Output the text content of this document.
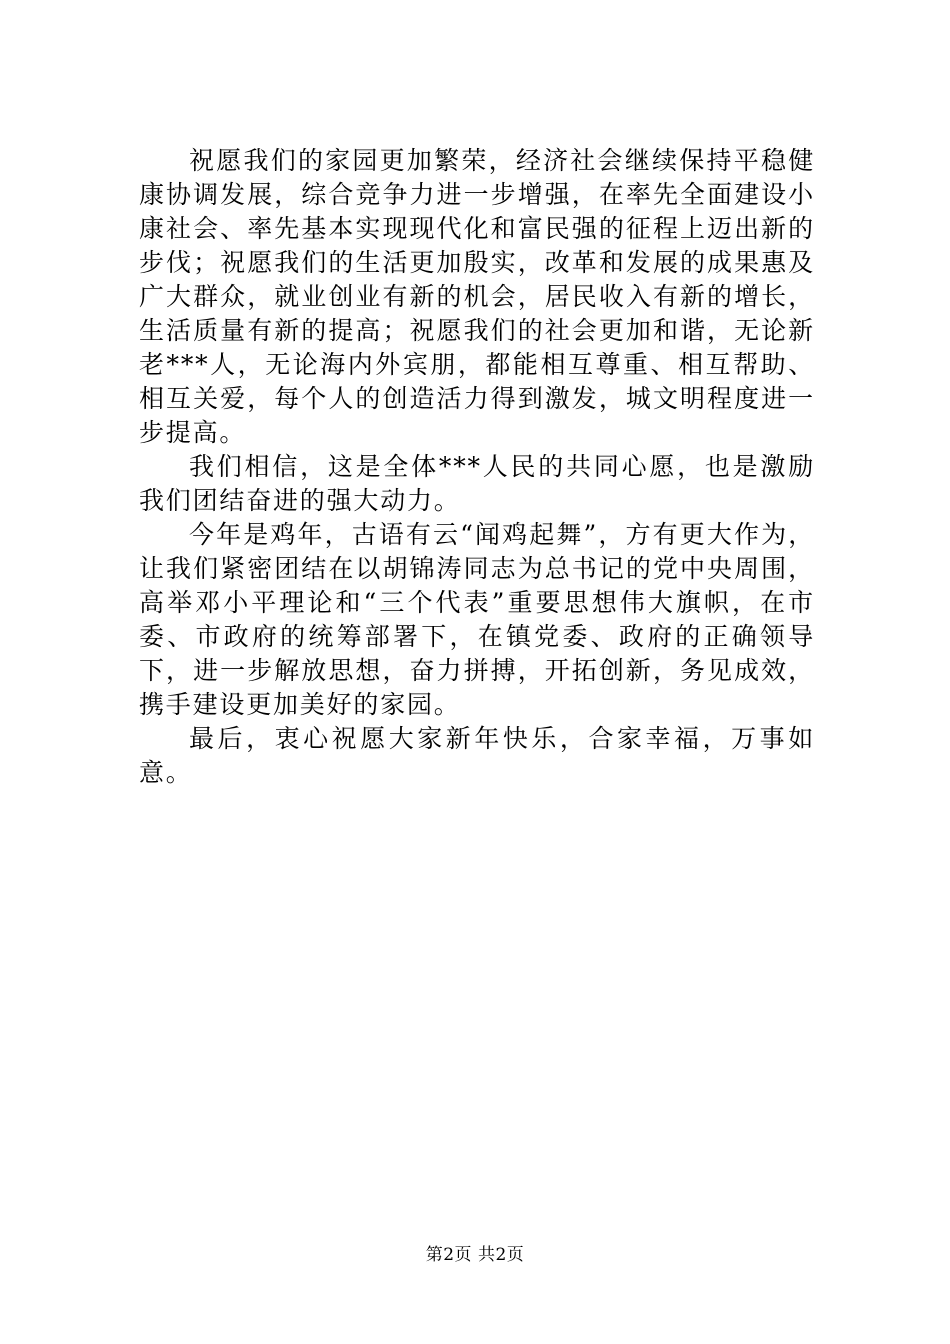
祝愿我们的家园更加繁荣，经济社会继续保持平稳健康协调发展，综合竞争力进一步增强，在率先全面建设小康社会、率先基本实现现代化和富民强的征程上迈出新的步伐；祝愿我们的生活更加殷实，改革和发展的成果惠及广大群众，就业创业有新的机会，居民收入有新的增长，生活质量有新的提高；祝愿我们的社会更加和谐，无论新老***人，无论海内外宾朋，都能相互尊重、相互帮助、相互关爱，每个人的创造活力得到激发，城文明程度进一步提高。

我们相信，这是全体***人民的共同心愿，也是激励我们团结奋进的强大动力。

今年是鸡年，古语有云“闻鸡起舞”，方有更大作为，让我们紧密团结在以胡锦涛同志为总书记的党中央周围，高举邓小平理论和“三个代表”重要思想伟大旗帜，在市委、市政府的统筹部署下，在镇党委、政府的正确领导下，进一步解放思想，奋力拼搏，开拓创新，务见成效，携手建设更加美好的家园。

最后，衷心祝愿大家新年快乐，合家幸福，万事如意。

第2页 共2页
